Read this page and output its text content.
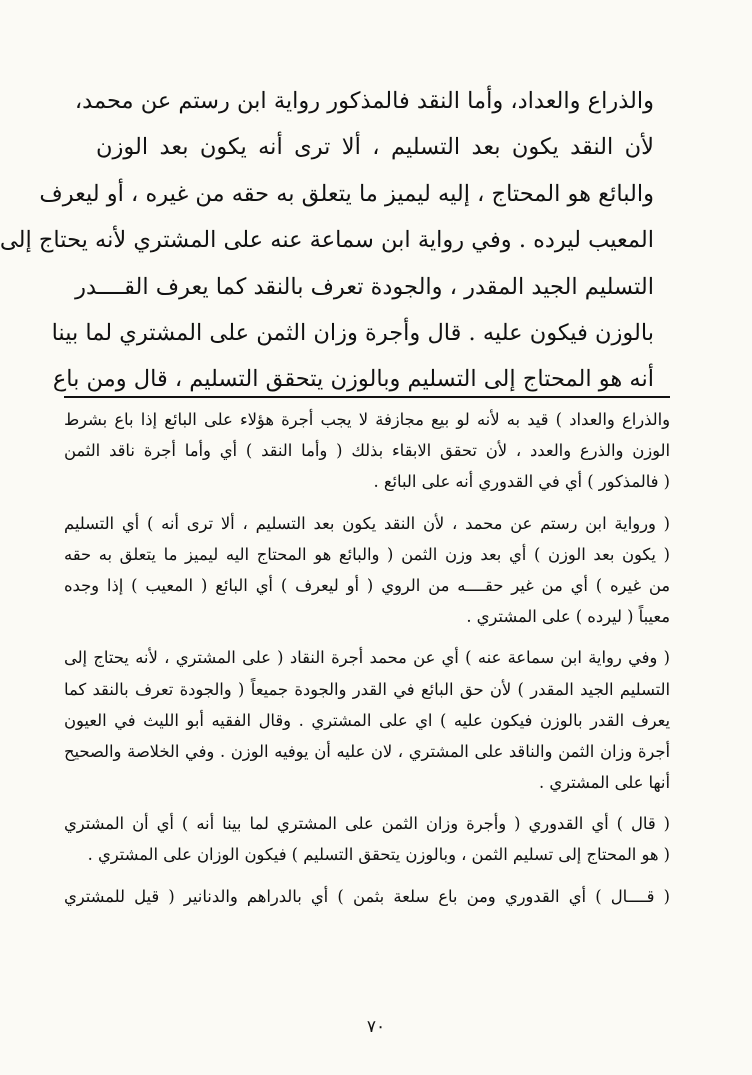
والذراع والعداد، وأما النقد فالمذكور رواية ابن رستم عن محمد،
لأن النقد يكون بعد التسليم ، ألا ترى أنه يكون بعد الوزن
والبائع هو المحتاج ، إليه ليميز ما يتعلق به حقه من غيره ، أو ليعرف
المعيب ليرده . وفي رواية ابن سماعة عنه على المشتري لأنه يحتاج إلى
التسليم الجيد المقدر ، والجودة تعرف بالنقد كما يعرف القــــدر
بالوزن فيكون عليه . قال وأجرة وزان الثمن على المشتري لما بينا
أنه هو المحتاج إلى التسليم وبالوزن يتحقق التسليم ، قال ومن باع
والذراع والعداد ) قيد به لأنه لو بيع مجازفة لا يجب أجرة هؤلاء على البائع إذا باع بشرط
الوزن والذرع والعدد ، لأن تحقق الابقاء بذلك ( وأما النقد ) أي وأما أجرة ناقد الثمن
( فالمذكور ) أي في القدوري أنه على البائع .
( ورواية ابن رستم عن محمد ، لأن النقد يكون بعد التسليم ، ألا ترى أنه ) أي التسليم
( يكون بعد الوزن ) أي بعد وزن الثمن ( والبائع هو المحتاج اليه ليميز ما يتعلق به حقه
من غيره ) أي من غير حقــــه من الروي ( أو ليعرف ) أي البائع ( المعيب ) إذا وجده
معيباً ( ليرده ) على المشتري .
( وفي رواية ابن سماعة عنه ) أي عن محمد أجرة النقاد ( على المشتري ، لأنه يحتاج إلى
التسليم الجيد المقدر ) لأن حق البائع في القدر والجودة جميعاً ( والجودة تعرف بالنقد كما
يعرف القدر بالوزن فيكون عليه ) اي على المشتري . وقال الفقيه أبو الليث في العيون
أجرة وزان الثمن والناقد على المشتري ، لان عليه أن يوفيه الوزن . وفي الخلاصة والصحيح
أنها على المشتري .
( قال ) أي القدوري ( وأجرة وزان الثمن على المشتري لما بينا أنه ) أي أن المشتري
( هو المحتاج إلى تسليم الثمن ، وبالوزن يتحقق التسليم ) فيكون الوزان على المشتري .
( قــــال ) أي القدوري ومن باع سلعة بثمن ) أي بالدراهم والدنانير ( قيل للمشتري
٧٠
